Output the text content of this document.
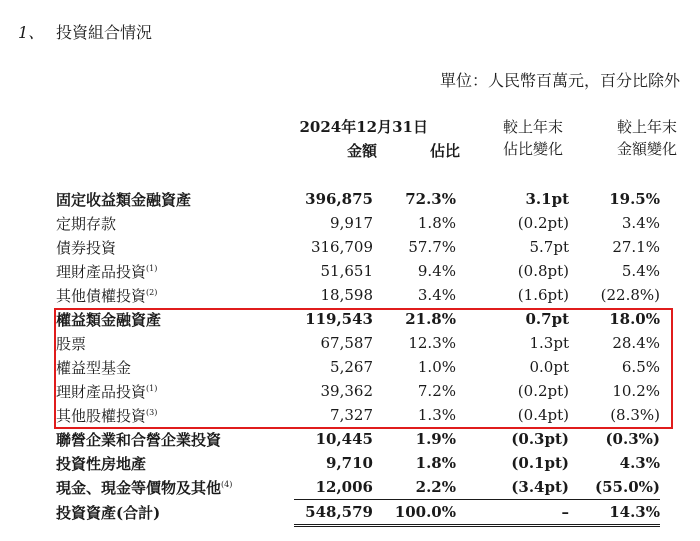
1、 投資組合情況
單位：人民幣百萬元，百分比除外
2024年12月31日
金額	佔比
較上年末
佔比變化
較上年末
金額變化
固定收益類金融資產	396,875	72.3%	3.1pt	19.5%
定期存款	9,917	1.8%	(0.2pt)	3.4%
債券投資	316,709	57.7%	5.7pt	27.1%
理財產品投資$^{(1)}$	51,651	9.4%	(0.8pt)	5.4%
其他債權投資$^{(2)}$	18,598	3.4%	(1.6pt)	(22.8%)
權益類金融資產	119,543	21.8%	0.7pt	18.0%
股票	67,587	12.3%	1.3pt	28.4%
權益型基金	5,267	1.0%	0.0pt	6.5%
理財產品投資$^{(1)}$	39,362	7.2%	(0.2pt)	10.2%
其他股權投資$^{(3)}$	7,327	1.3%	(0.4pt)	(8.3%)
聯營企業和合營企業投資	10,445	1.9%	(0.3pt)	(0.3%)
投資性房地產	9,710	1.8%	(0.1pt)	4.3%
現金、現金等價物及其他$^{(4)}$	12,006	2.2%	(3.4pt)	(55.0%)
投資資產(合計)	548,579	100.0%	–	14.3%
